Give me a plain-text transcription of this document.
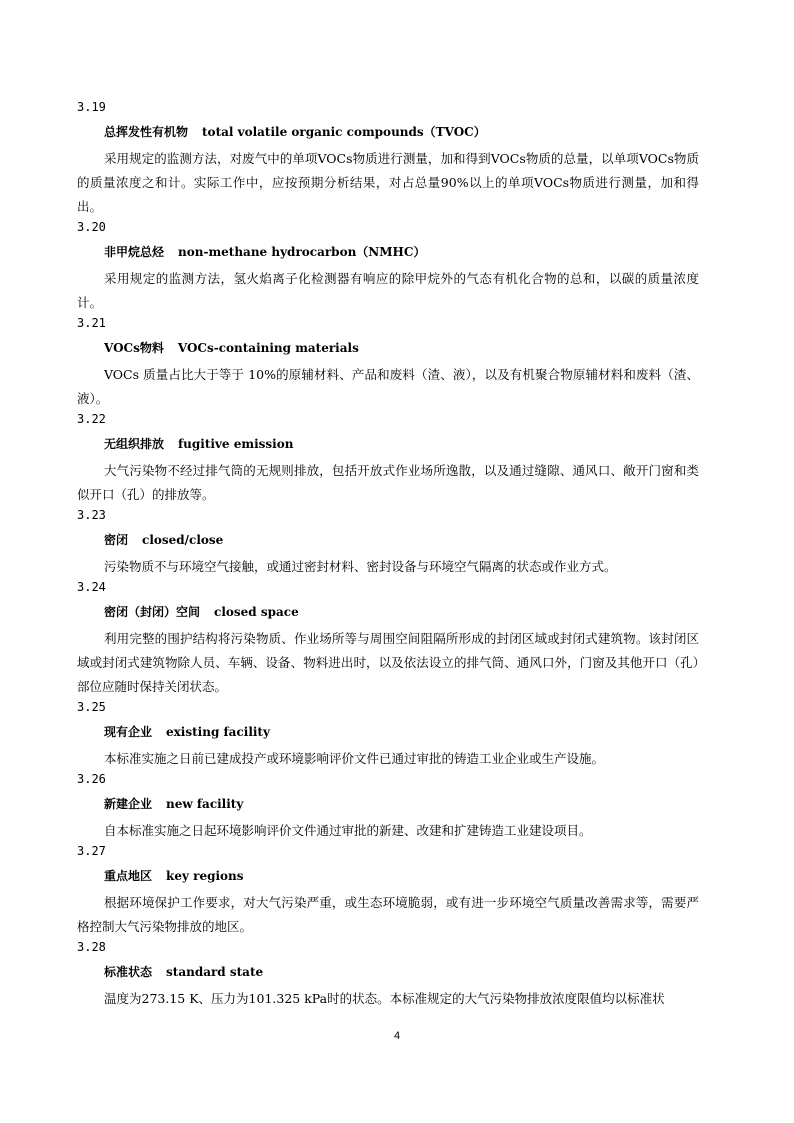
3.19
总挥发性有机物 total volatile organic compounds（TVOC）
采用规定的监测方法，对废气中的单项VOCs物质进行测量，加和得到VOCs物质的总量，以单项VOCs物质的质量浓度之和计。实际工作中，应按预期分析结果，对占总量90%以上的单项VOCs物质进行测量，加和得出。
3.20
非甲烷总烃 non-methane hydrocarbon（NMHC）
采用规定的监测方法，氢火焰离子化检测器有响应的除甲烷外的气态有机化合物的总和，以碳的质量浓度计。
3.21
VOCs物料 VOCs-containing materials
VOCs 质量占比大于等于 10%的原辅材料、产品和废料（渣、液），以及有机聚合物原辅材料和废料（渣、液）。
3.22
无组织排放 fugitive emission
大气污染物不经过排气筒的无规则排放，包括开放式作业场所逸散，以及通过缝隙、通风口、敞开门窗和类似开口（孔）的排放等。
3.23
密闭 closed/close
污染物质不与环境空气接触，或通过密封材料、密封设备与环境空气隔离的状态或作业方式。
3.24
密闭（封闭）空间 closed space
利用完整的围护结构将污染物质、作业场所等与周围空间阻隔所形成的封闭区域或封闭式建筑物。该封闭区域或封闭式建筑物除人员、车辆、设备、物料进出时，以及依法设立的排气筒、通风口外，门窗及其他开口（孔）部位应随时保持关闭状态。
3.25
现有企业 existing facility
本标准实施之日前已建成投产或环境影响评价文件已通过审批的铸造工业企业或生产设施。
3.26
新建企业 new facility
自本标准实施之日起环境影响评价文件通过审批的新建、改建和扩建铸造工业建设项目。
3.27
重点地区 key regions
根据环境保护工作要求，对大气污染严重，或生态环境脆弱，或有进一步环境空气质量改善需求等，需要严格控制大气污染物排放的地区。
3.28
标准状态 standard state
温度为273.15 K、压力为101.325 kPa时的状态。本标准规定的大气污染物排放浓度限值均以标准状
4
